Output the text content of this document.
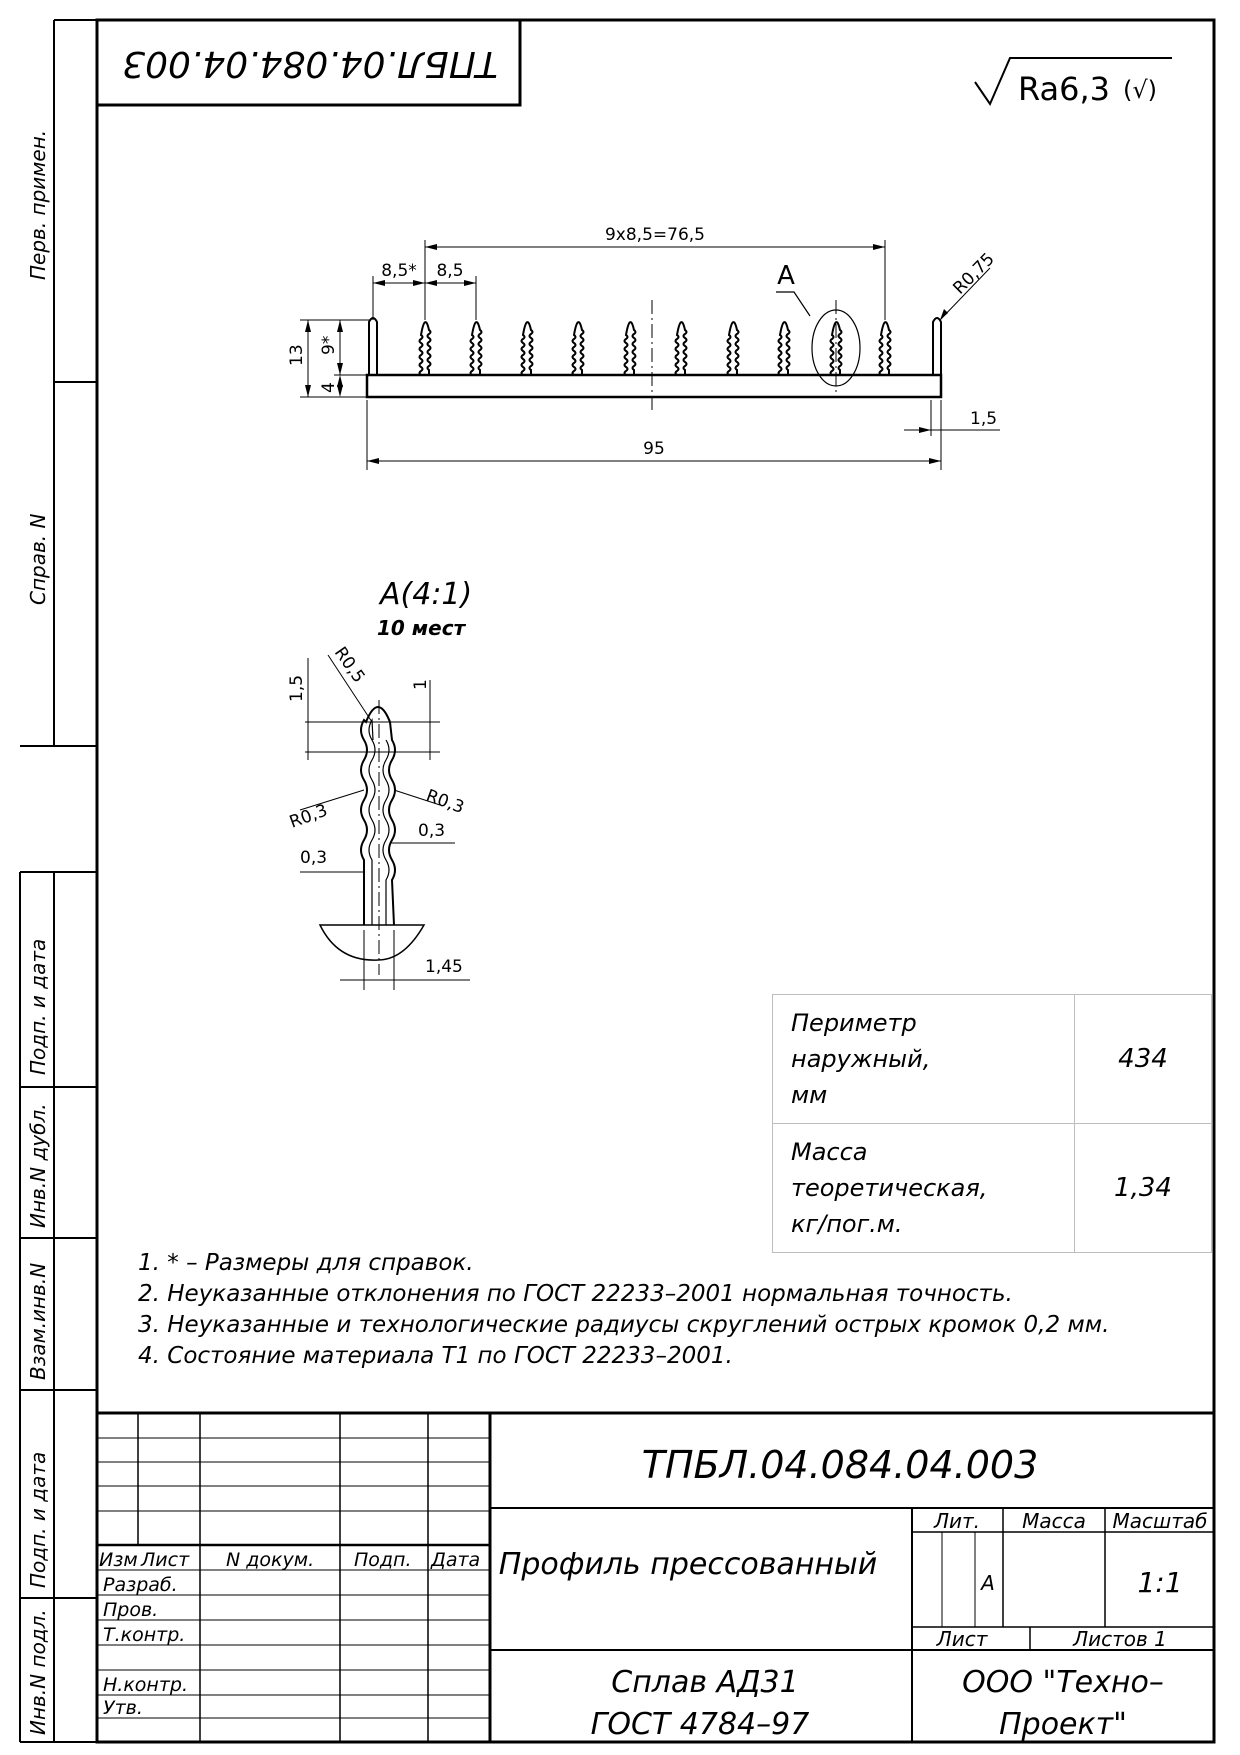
Перв. примен.
Справ. N
Подп. и дата
Инв.N дубл.
Взам.инв.N
Подп. и дата
Инв.N подл.
ТПБЛ.04.084.04.003
Ra6,3 (√)
А
9x8,5=76,5
8,5* 8,5	R0,75
13 9*
4
1,5
95
А(4:1)
10 мест
1,5
R0,5 1
R0,3	R0,3
0,3
0,3
1,45
ТПБЛ.04.084.04.003
Профиль прессованный
Сплав АД31
ГОСТ 4784–97
ООО "Техно–
Проект"
Лит. Масса Масштаб
А	1:1
Лист	Листов 1
Изм Лист N докум. Подп. Дата
Разраб.
Пров.
Т.контр.
Н.контр.
Утв.
Периметр наружный,
мм	434
Масса теоретическая,
кг/пог.м.	1,34
1. * – Размеры для справок.
2. Неуказанные отклонения по ГОСТ 22233–2001 нормальная точность.
3. Неуказанные и технологические радиусы скруглений острых кромок 0,2 мм.
4. Состояние материала Т1 по ГОСТ 22233–2001.
